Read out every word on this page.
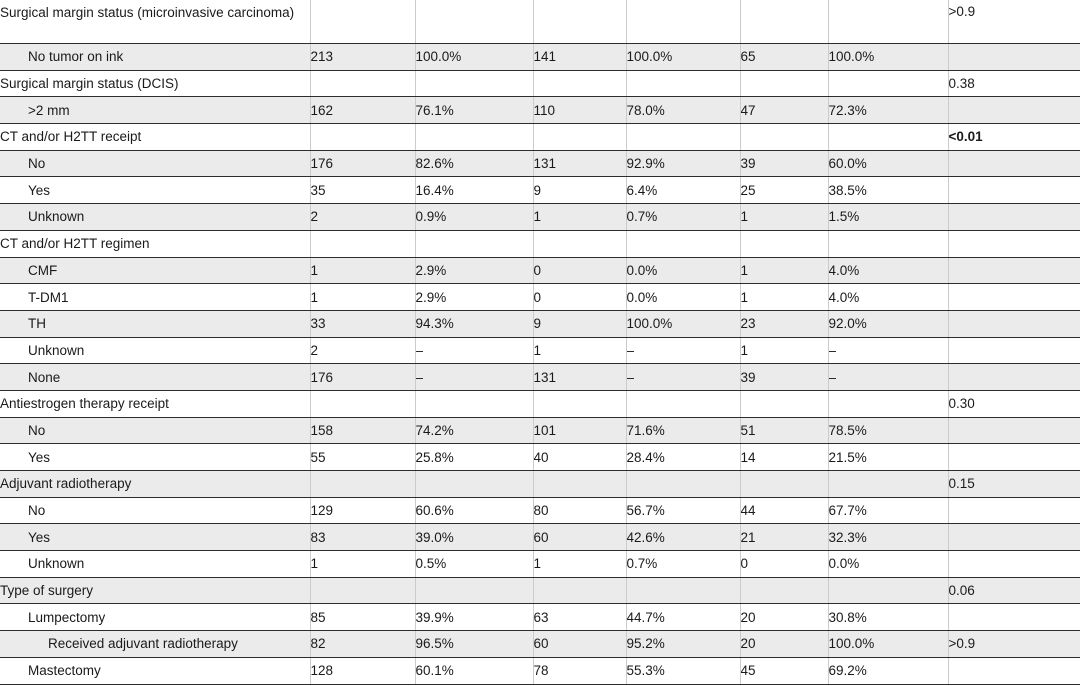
Surgical margin status (microinvasive carcinoma)							>0.9
No tumor on ink	213	100.0%	141	100.0%	65	100.0%	
Surgical margin status (DCIS)							0.38
>2 mm	162	76.1%	110	78.0%	47	72.3%	
CT and/or H2TT receipt							<0.01
No	176	82.6%	131	92.9%	39	60.0%	
Yes	35	16.4%	9	6.4%	25	38.5%	
Unknown	2	0.9%	1	0.7%	1	1.5%	
CT and/or H2TT regimen							
CMF	1	2.9%	0	0.0%	1	4.0%	
T-DM1	1	2.9%	0	0.0%	1	4.0%	
TH	33	94.3%	9	100.0%	23	92.0%	
Unknown	2	–	1	–	1	–	
None	176	–	131	–	39	–	
Antiestrogen therapy receipt							0.30
No	158	74.2%	101	71.6%	51	78.5%	
Yes	55	25.8%	40	28.4%	14	21.5%	
Adjuvant radiotherapy							0.15
No	129	60.6%	80	56.7%	44	67.7%	
Yes	83	39.0%	60	42.6%	21	32.3%	
Unknown	1	0.5%	1	0.7%	0	0.0%	
Type of surgery							0.06
Lumpectomy	85	39.9%	63	44.7%	20	30.8%	
Received adjuvant radiotherapy	82	96.5%	60	95.2%	20	100.0%	>0.9
Mastectomy	128	60.1%	78	55.3%	45	69.2%	
